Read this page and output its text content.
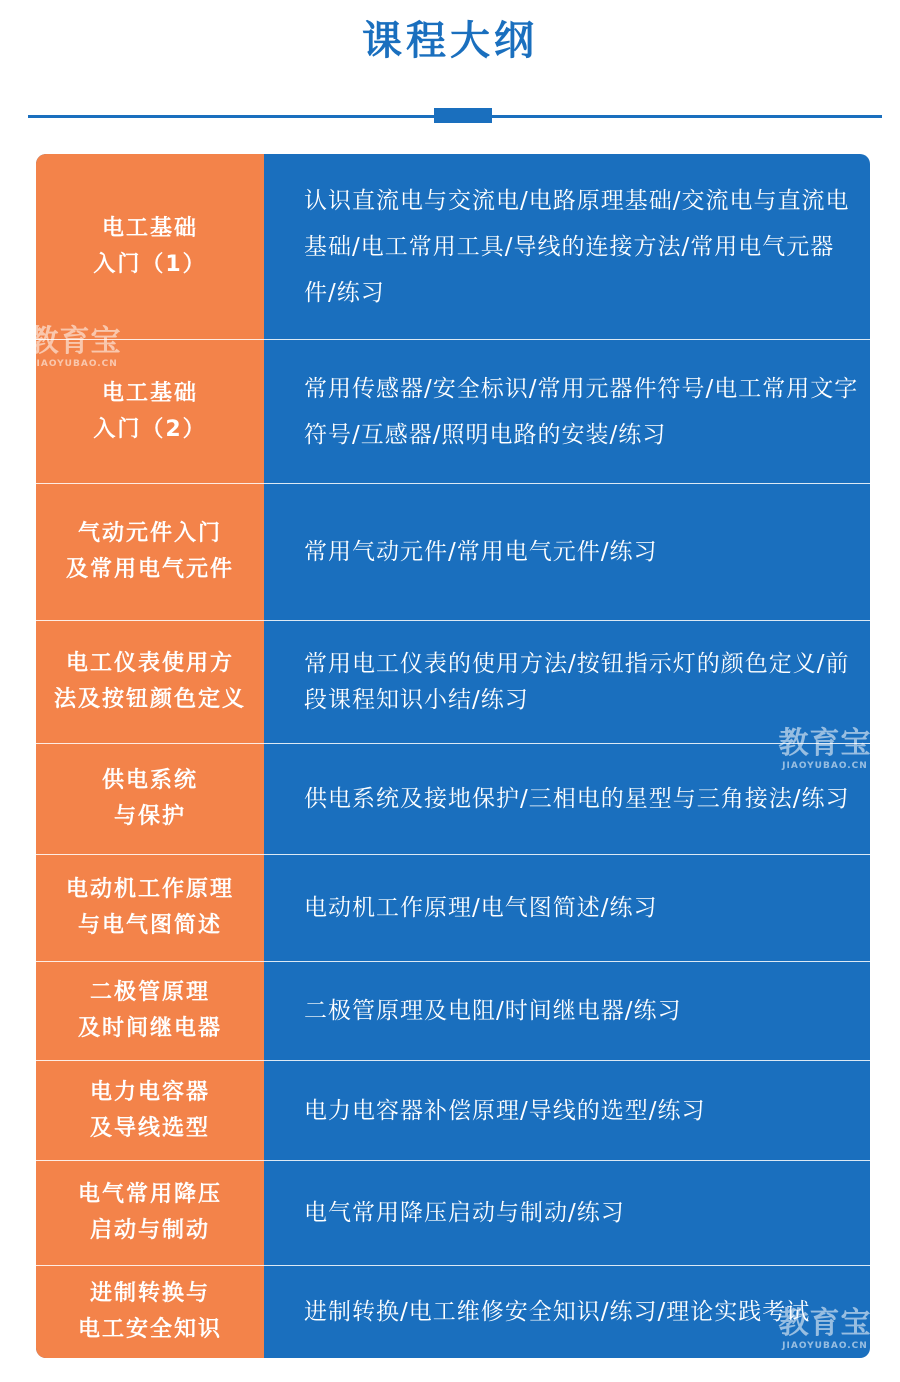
课程大纲
电工基础
入门（1）
认识直流电与交流电/电路原理基础/交流电与直流电基础/电工常用工具/导线的连接方法/常用电气元器件/练习
电工基础
入门（2）
常用传感器/安全标识/常用元器件符号/电工常用文字符号/互感器/照明电路的安装/练习
气动元件入门
及常用电气元件
常用气动元件/常用电气元件/练习
电工仪表使用方
法及按钮颜色定义
常用电工仪表的使用方法/按钮指示灯的颜色定义/前段课程知识小结/练习
供电系统
与保护
供电系统及接地保护/三相电的星型与三角接法/练习
电动机工作原理
与电气图简述
电动机工作原理/电气图简述/练习
二极管原理
及时间继电器
二极管原理及电阻/时间继电器/练习
电力电容器
及导线选型
电力电容器补偿原理/导线的选型/练习
电气常用降压
启动与制动
电气常用降压启动与制动/练习
进制转换与
电工安全知识
进制转换/电工维修安全知识/练习/理论实践考试
教育宝
JIAOYUBAO.CN
教育宝
JIAOYUBAO.CN
教育宝
JIAOYUBAO.CN
